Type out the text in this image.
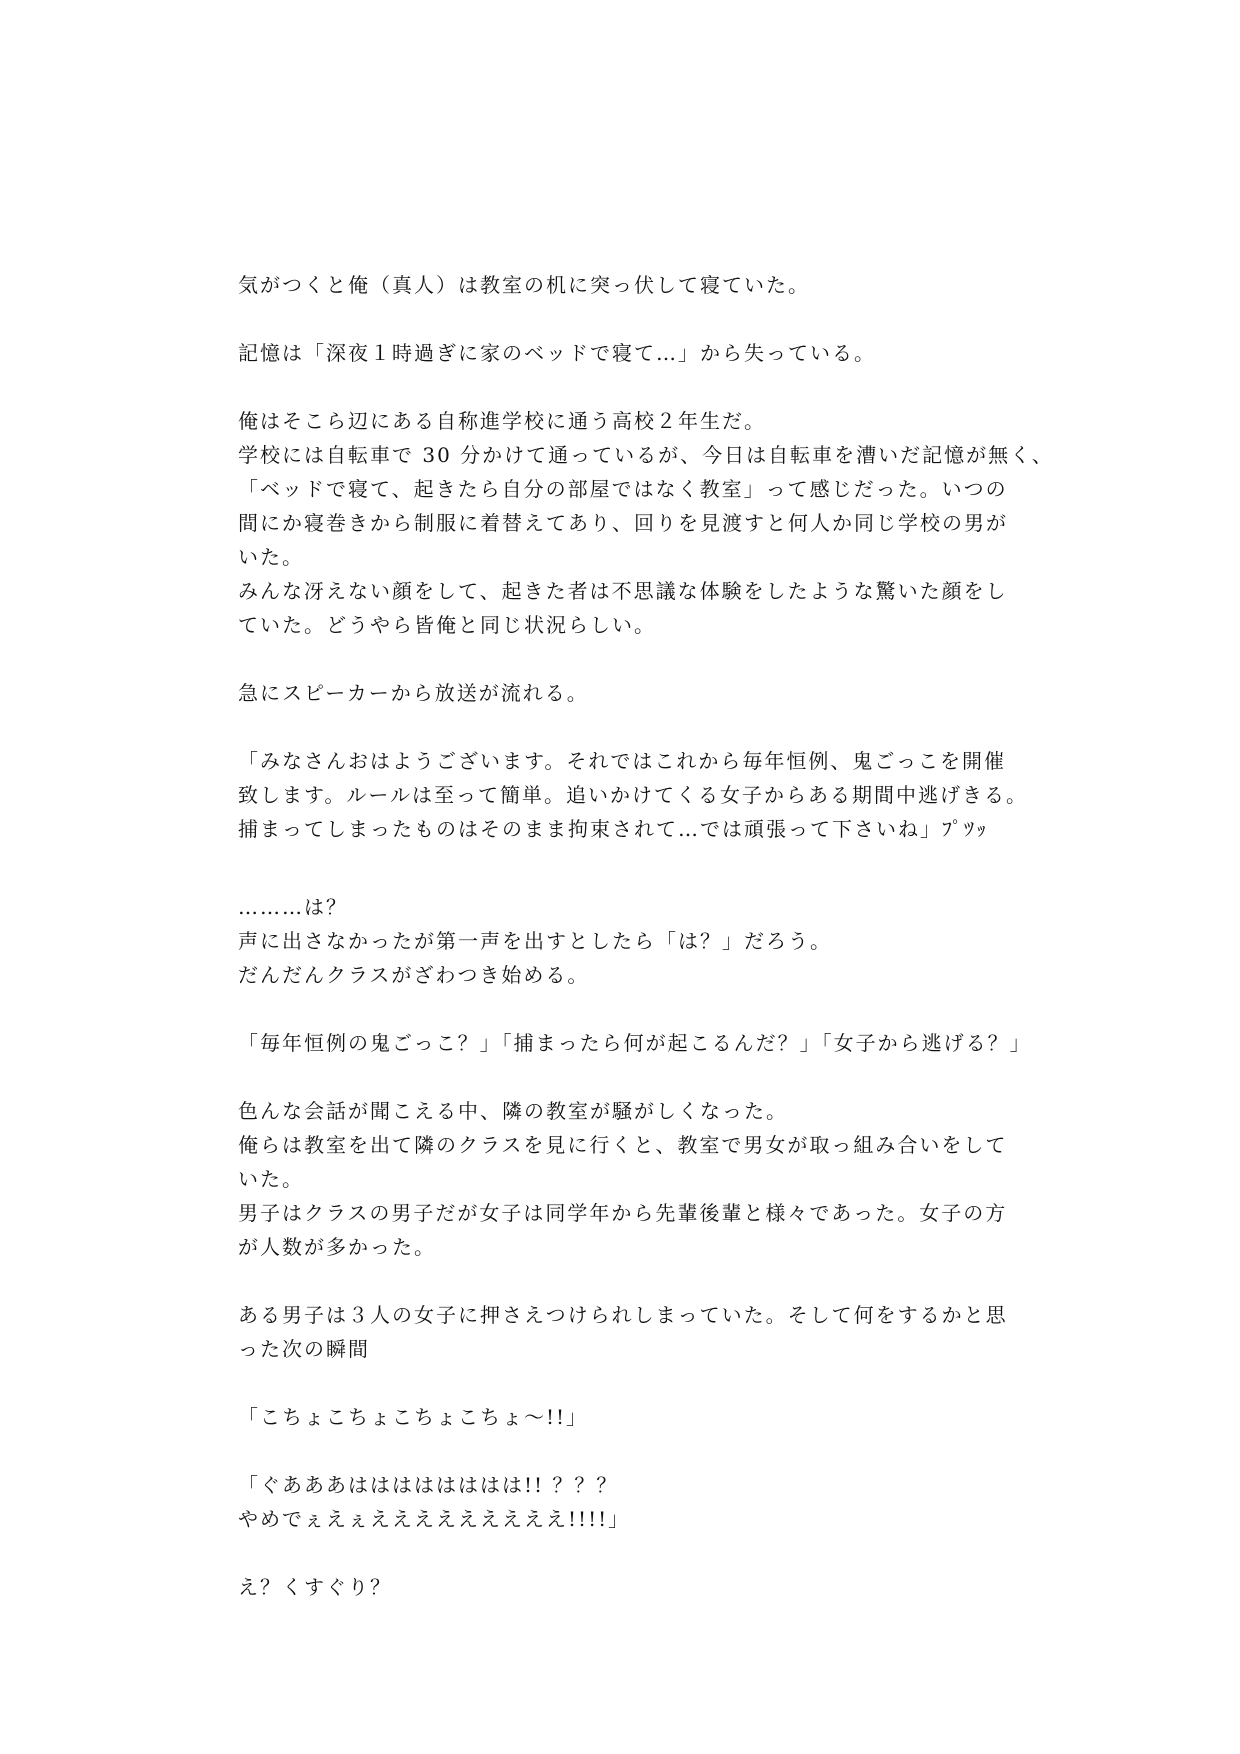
気がつくと俺（真人）は教室の机に突っ伏して寝ていた。
記憶は「深夜１時過ぎに家のベッドで寝て…」から失っている。
俺はそこら辺にある自称進学校に通う高校２年生だ。
学校には自転車で 30 分かけて通っているが、今日は自転車を漕いだ記憶が無く、
「ベッドで寝て、起きたら自分の部屋ではなく教室」って感じだった。いつの
間にか寝巻きから制服に着替えてあり、回りを見渡すと何人か同じ学校の男が
いた。
みんな冴えない顔をして、起きた者は不思議な体験をしたような驚いた顔をし
ていた。どうやら皆俺と同じ状況らしい。
急にスピーカーから放送が流れる。
「みなさんおはようございます。それではこれから毎年恒例、鬼ごっこを開催
致します。ルールは至って簡単。追いかけてくる女子からある期間中逃げきる。
捕まってしまったものはそのまま拘束されて…では頑張って下さいね」ﾌﾟﾂｯ
………は？
声に出さなかったが第一声を出すとしたら「は？」だろう。
だんだんクラスがざわつき始める。
「毎年恒例の鬼ごっこ？」「捕まったら何が起こるんだ？」「女子から逃げる？」
色んな会話が聞こえる中、隣の教室が騒がしくなった。
俺らは教室を出て隣のクラスを見に行くと、教室で男女が取っ組み合いをして
いた。
男子はクラスの男子だが女子は同学年から先輩後輩と様々であった。女子の方
が人数が多かった。
ある男子は３人の女子に押さえつけられしまっていた。そして何をするかと思
った次の瞬間
「こちょこちょこちょこちょ～!!」
「ぐあああはははははははは!! ？？？
やめでぇえぇえええええええええ!!!!」
え？くすぐり？
